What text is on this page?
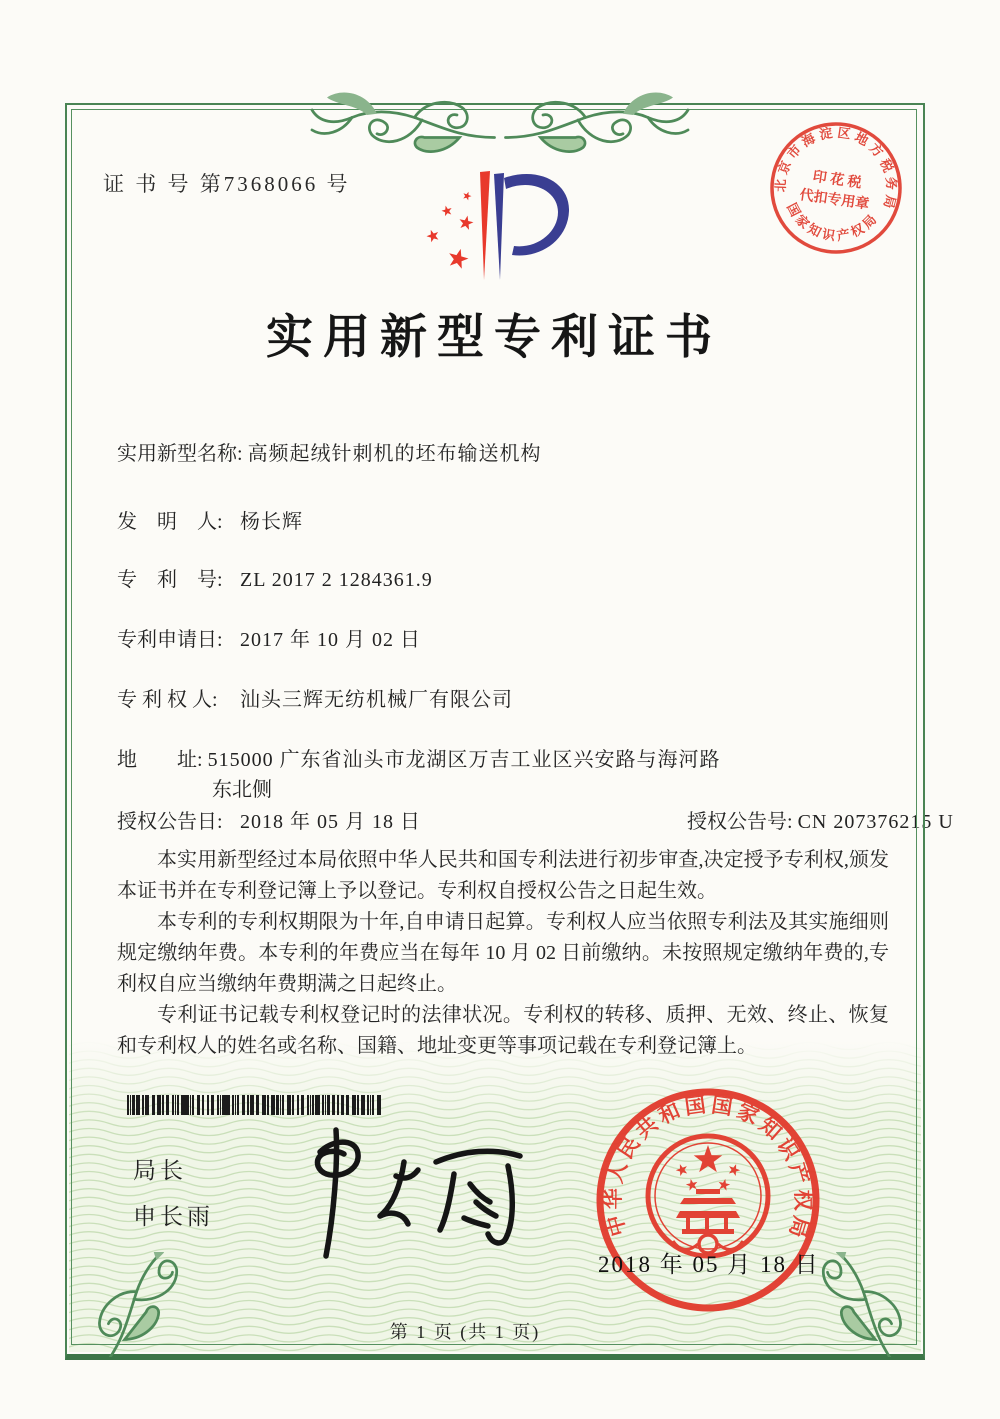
证 书 号 第7368066 号	北京市海淀区地方税务局
国家知识产权局
印 花 税
代扣专用章
实用新型专利证书
实用新型名称: 高频起绒针刺机的坯布输送机构
发　明　人: 杨长辉
专　利　号: ZL 2017 2 1284361.9
专利申请日: 2017 年 10 月 02 日
专 利 权 人: 汕头三辉无纺机械厂有限公司
地　　址: 515000 广东省汕头市龙湖区万吉工业区兴安路与海河路
东北侧
授权公告日: 2018 年 05 月 18 日	授权公告号: CN 207376215 U

本实用新型经过本局依照中华人民共和国专利法进行初步审查,决定授予专利权,颁发本证书并在专利登记簿上予以登记。专利权自授权公告之日起生效。

本专利的专利权期限为十年,自申请日起算。专利权人应当依照专利法及其实施细则规定缴纳年费。本专利的年费应当在每年 10 月 02 日前缴纳。未按照规定缴纳年费的,专利权自应当缴纳年费期满之日起终止。

专利证书记载专利权登记时的法律状况。专利权的转移、质押、无效、终止、恢复和专利权人的姓名或名称、国籍、地址变更等事项记载在专利登记簿上。

局长
申长雨	中华人民共和国国家知识产权局
2018 年 05 月 18 日
第 1 页 (共 1 页)
